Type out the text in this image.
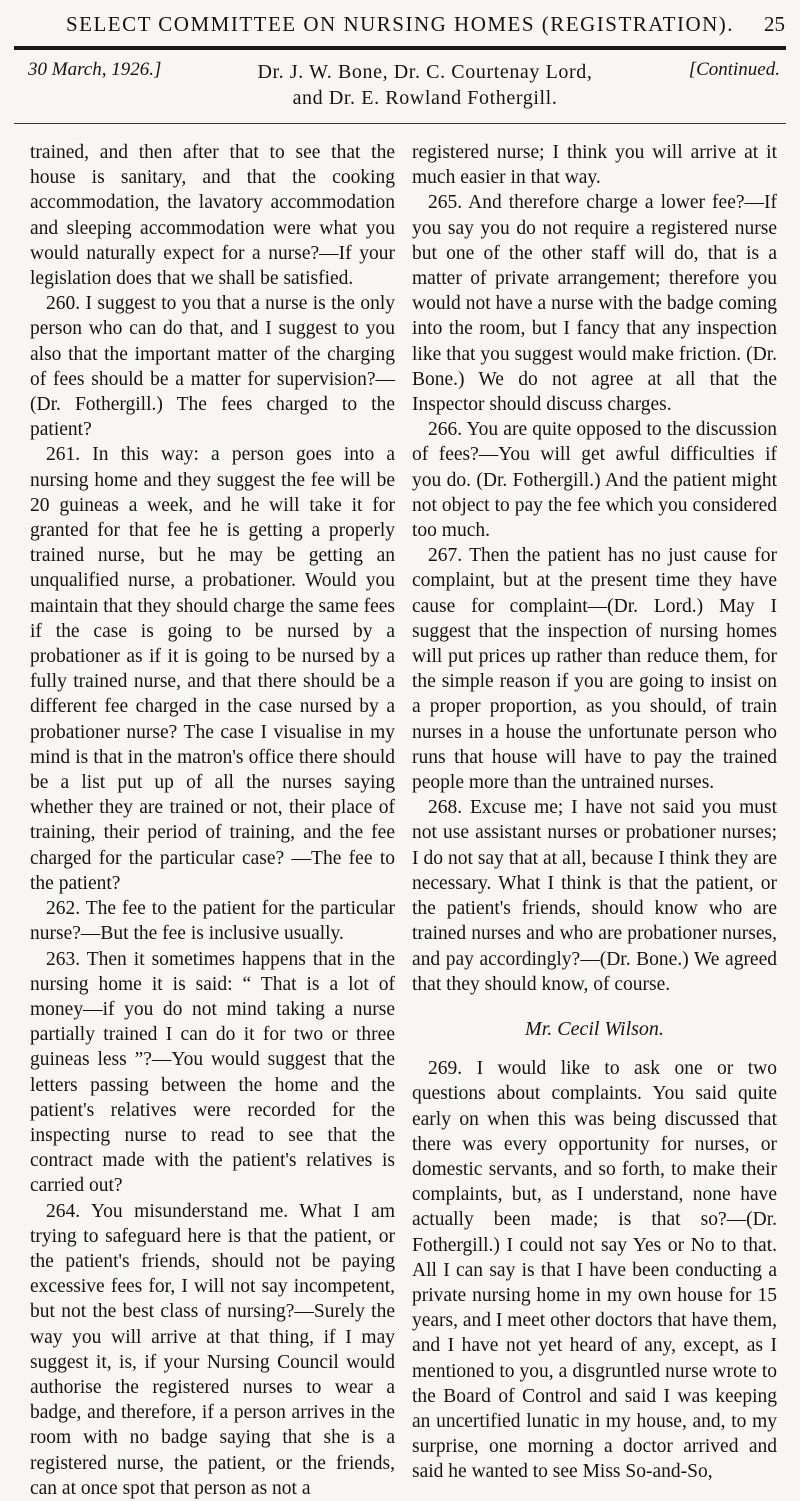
SELECT COMMITTEE ON NURSING HOMES (REGISTRATION).	25
30 March, 1926.]	Dr. J. W. Bone, Dr. C. Courtenay Lord,
and Dr. E. Rowland Fothergill.
[Continued.

trained, and then after that to see that the house is sanitary, and that the cooking accommodation, the lavatory accommodation and sleeping accommodation were what you would naturally expect for a nurse?—If your legislation does that we shall be satisfied.

260. I suggest to you that a nurse is the only person who can do that, and I suggest to you also that the important matter of the charging of fees should be a matter for supervision?—(Dr. Fothergill.) The fees charged to the patient?

261. In this way: a person goes into a nursing home and they suggest the fee will be 20 guineas a week, and he will take it for granted for that fee he is getting a properly trained nurse, but he may be getting an unqualified nurse, a probationer. Would you maintain that they should charge the same fees if the case is going to be nursed by a probationer as if it is going to be nursed by a fully trained nurse, and that there should be a different fee charged in the case nursed by a probationer nurse? The case I visualise in my mind is that in the matron's office there should be a list put up of all the nurses saying whether they are trained or not, their place of training, their period of training, and the fee charged for the particular case? —The fee to the patient?

262. The fee to the patient for the particular nurse?—But the fee is inclusive usually.

263. Then it sometimes happens that in the nursing home it is said: “ That is a lot of money—if you do not mind taking a nurse partially trained I can do it for two or three guineas less ”?—You would suggest that the letters passing between the home and the patient's relatives were recorded for the inspecting nurse to read to see that the contract made with the patient's relatives is carried out?

264. You misunderstand me. What I am trying to safeguard here is that the patient, or the patient's friends, should not be paying excessive fees for, I will not say incompetent, but not the best class of nursing?—Surely the way you will arrive at that thing, if I may suggest it, is, if your Nursing Council would authorise the registered nurses to wear a badge, and therefore, if a person arrives in the room with no badge saying that she is a registered nurse, the patient, or the friends, can at once spot that person as not a

registered nurse; I think you will arrive at it much easier in that way.

265. And therefore charge a lower fee?—If you say you do not require a registered nurse but one of the other staff will do, that is a matter of private arrangement; therefore you would not have a nurse with the badge coming into the room, but I fancy that any inspection like that you suggest would make friction. (Dr. Bone.) We do not agree at all that the Inspector should discuss charges.

266. You are quite opposed to the discussion of fees?—You will get awful difficulties if you do. (Dr. Fothergill.) And the patient might not object to pay the fee which you considered too much.

267. Then the patient has no just cause for complaint, but at the present time they have cause for complaint—(Dr. Lord.) May I suggest that the inspection of nursing homes will put prices up rather than reduce them, for the simple reason if you are going to insist on a proper proportion, as you should, of train nurses in a house the unfortunate person who runs that house will have to pay the trained people more than the untrained nurses.

268. Excuse me; I have not said you must not use assistant nurses or probationer nurses; I do not say that at all, because I think they are necessary. What I think is that the patient, or the patient's friends, should know who are trained nurses and who are probationer nurses, and pay accordingly?—(Dr. Bone.) We agreed that they should know, of course.

Mr. Cecil Wilson.

269. I would like to ask one or two questions about complaints. You said quite early on when this was being discussed that there was every opportunity for nurses, or domestic servants, and so forth, to make their complaints, but, as I understand, none have actually been made; is that so?—(Dr. Fothergill.) I could not say Yes or No to that. All I can say is that I have been conducting a private nursing home in my own house for 15 years, and I meet other doctors that have them, and I have not yet heard of any, except, as I mentioned to you, a disgruntled nurse wrote to the Board of Control and said I was keeping an uncertified lunatic in my house, and, to my surprise, one morning a doctor arrived and said he wanted to see Miss So-and-So,
